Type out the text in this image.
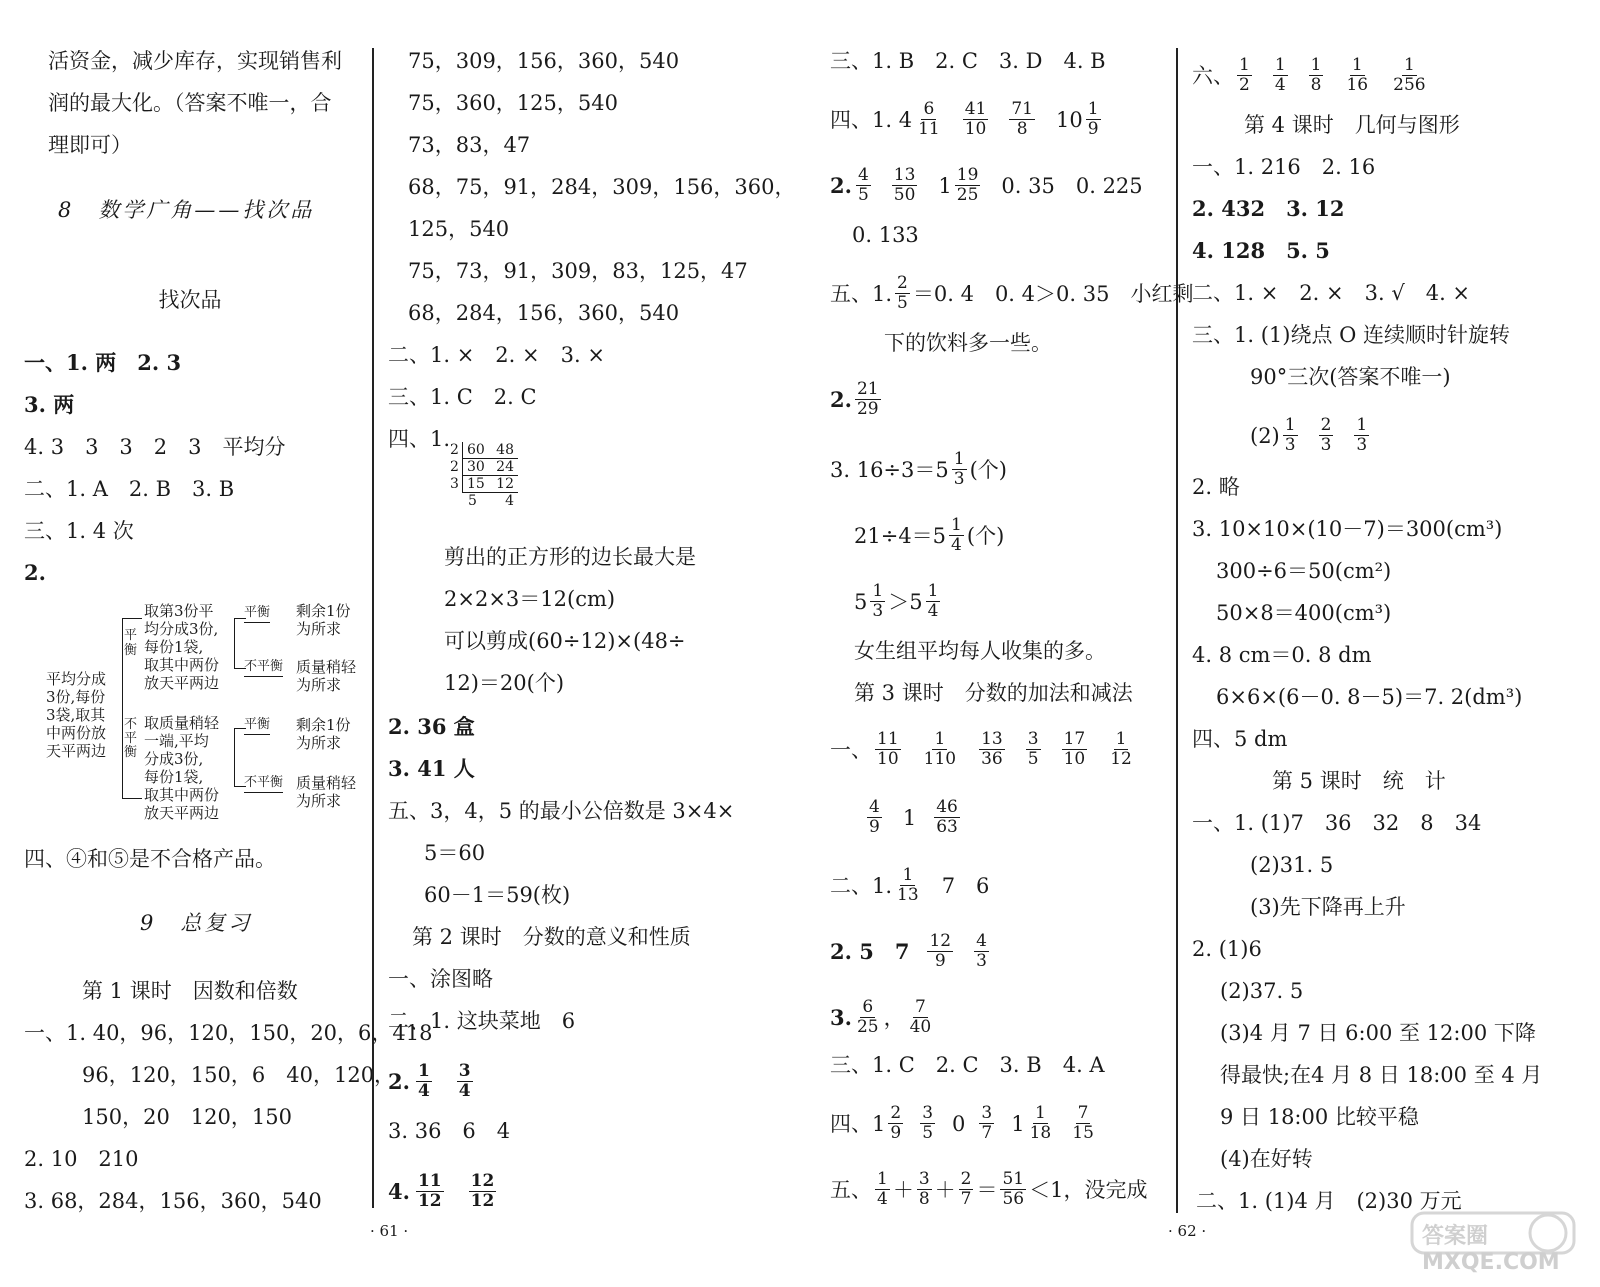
活资金，减少库存，实现销售利
润的最大化。（答案不唯一，合
理即可）
8　数学广角——找次品
找次品
一、1. 两　2. 3
3. 两
4. 3　3　3　2　3　平均分
二、1. A　2. B　3. B
三、1. 4 次
2.
四、④和⑤是不合格产品。
9　总复习
第 1 课时　因数和倍数
一、1. 40，96，120，150，20，6，418
96，120，150，6　40，120，
150，20　120，150
2. 10　210
3. 68，284，156，360，540
平均分成
3份,每份
3袋,取其
中两份放
天平两边
平衡
不平衡
取第3份平
均分成3份,
每份1袋,
取其中两份
放天平两边
取质量稍轻
一端,平均
分成3份,
每份1袋,
取其中两份
放天平两边
平衡
不平衡
平衡
不平衡
剩余1份
为所求
质量稍轻
为所求
剩余1份
为所求
质量稍轻
为所求
75，309，156，360，540
75，360，125，540
73，83，47
68，75，91，284，309，156，360，
125，540
75，73，91，309，83，125，47
68，284，156，360，540
二、1. ×　2. ×　3. ×
三、1. C　2. C
四、1. 2 60 48
2 30 24
3 15 12
5 4
剪出的正方形的边长最大是
2×2×3＝12(cm)
可以剪成(60÷12)×(48÷
12)＝20(个)
2. 36 盒
3. 41 人
五、3，4，5 的最小公倍数是 3×4×
5＝60
60－1＝59(枚)
第 2 课时　分数的意义和性质
一、涂图略
二、1. 这块菜地　6
2. 1
4
3
4
3. 36　6　4
4. 11
12
12
12
· 61 ·
三、1. B　2. C　3. D　4. B
四、1. 4 6
11
41
10
71
8 10 1
9
2. 4
5
13
50 1 19
25 0. 35　0. 225
0. 133
五、1. 2
5 ＝0. 4　0. 4＞0. 35　小红剩
下的饮料多一些。
2. 21
29
3. 16÷3＝5 1
3 (个)
21÷4＝5 1
4 (个)
5 1
3 ＞5 1
4
女生组平均每人收集的多。
第 3 课时　分数的加法和减法
一、 11
10
1
110
13
36
3
5
17
10
1
12
4
9 1 46
63
二、1. 1
13 7　6
2. 5　7 12
9
4
3
3. 6
25 ， 7
40
三、1. C　2. C　3. B　4. A
四、1 2
9
3
5 0 3
7 1 1
18
7
15
五、 1
4 ＋ 3
8 ＋ 2
7 ＝ 51
56 ＜1，没完成
六、 1
2
1
4
1
8
1
16
1
256
第 4 课时　几何与图形
一、1. 216　2. 16
2. 432　3. 12
4. 128　5. 5
二、1. ×　2. ×　3. √　4. ×
三、1. (1)绕点 O 连续顺时针旋转
90°三次(答案不唯一)
(2) 1
3
2
3
1
3
2. 略
3. 10×10×(10－7)＝300(cm³)
300÷6＝50(cm²)
50×8＝400(cm³)
4. 8 cm＝0. 8 dm
6×6×(6－0. 8－5)＝7. 2(dm³)
四、5 dm
第 5 课时　统　计
一、1. (1)7　36　32　8　34
(2)31. 5
(3)先下降再上升
2. (1)6
(2)37. 5
(3)4 月 7 日 6:00 至 12:00 下降
得最快;在4 月 8 日 18:00 至 4 月
9 日 18:00 比较平稳
(4)在好转
二、1. (1)4 月　(2)30 万元
· 62 ·	答案圈 MXQE.COM
